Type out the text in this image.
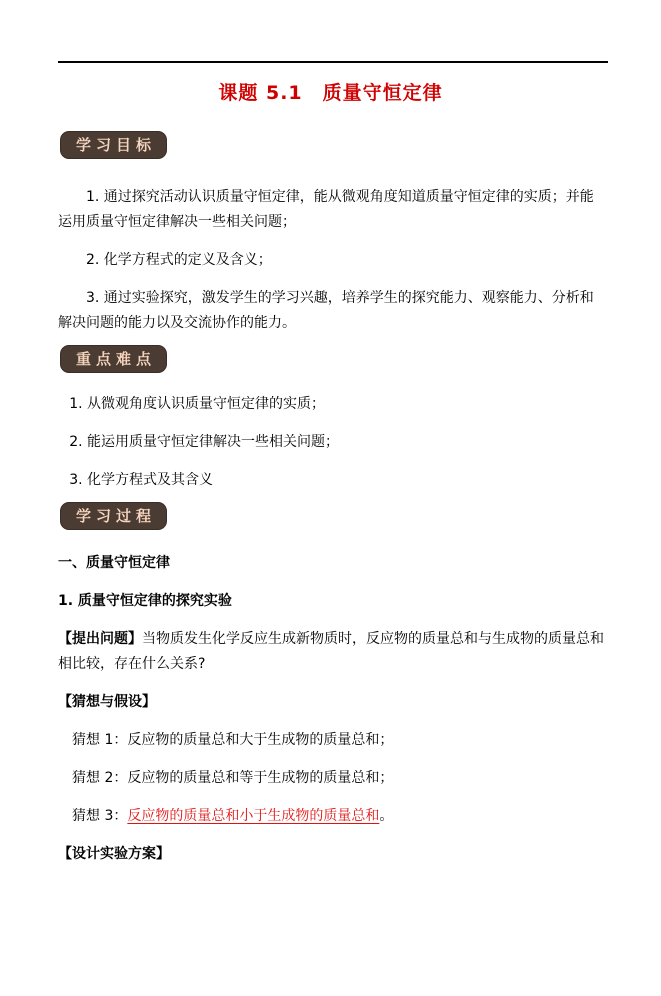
课题 5.1　质量守恒定律
学习目标

1. 通过探究活动认识质量守恒定律，能从微观角度知道质量守恒定律的实质；并能运用质量守恒定律解决一些相关问题；

2. 化学方程式的定义及含义；

3. 通过实验探究，激发学生的学习兴趣，培养学生的探究能力、观察能力、分析和解决问题的能力以及交流协作的能力。

重点难点

1. 从微观角度认识质量守恒定律的实质；

2. 能运用质量守恒定律解决一些相关问题；

3. 化学方程式及其含义

学习过程

一、质量守恒定律

1. 质量守恒定律的探究实验

【提出问题】当物质发生化学反应生成新物质时，反应物的质量总和与生成物的质量总和相比较，存在什么关系?

【猜想与假设】

猜想 1：反应物的质量总和大于生成物的质量总和；

猜想 2：反应物的质量总和等于生成物的质量总和；

猜想 3：反应物的质量总和小于生成物的质量总和。

【设计实验方案】
